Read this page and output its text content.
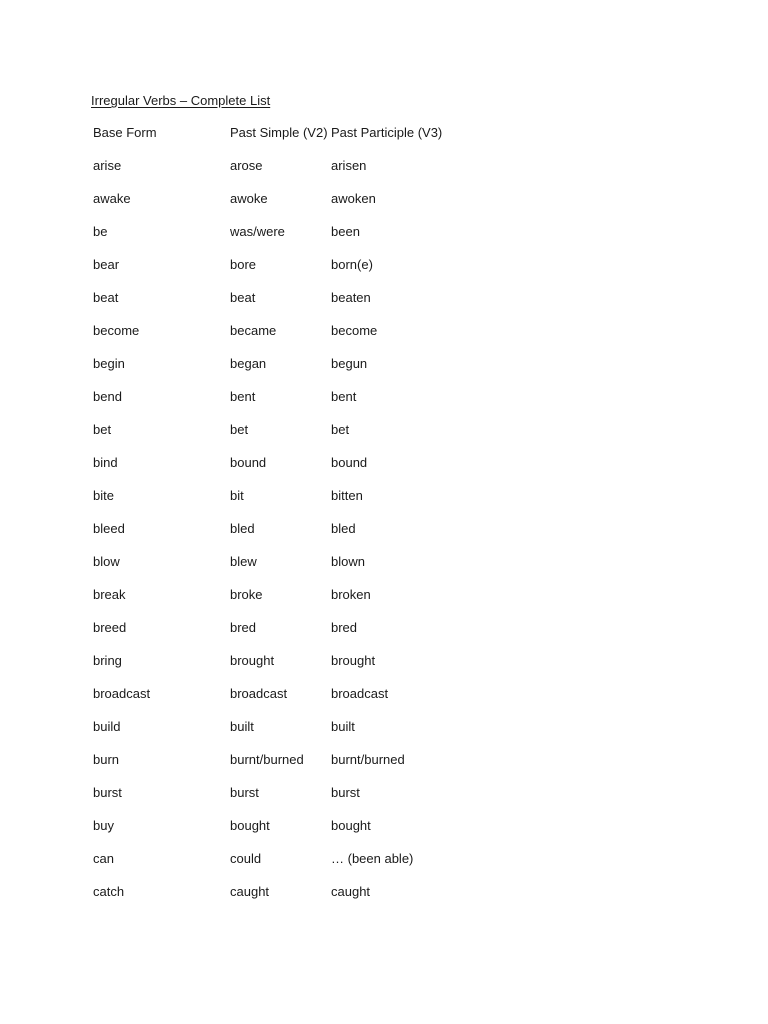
Irregular Verbs – Complete List
Base Form	Past Simple (V2)	Past Participle (V3)
arise	arose	arisen
awake	awoke	awoken
be	was/were	been
bear	bore	born(e)
beat	beat	beaten
become	became	become
begin	began	begun
bend	bent	bent
bet	bet	bet
bind	bound	bound
bite	bit	bitten
bleed	bled	bled
blow	blew	blown
break	broke	broken
breed	bred	bred
bring	brought	brought
broadcast	broadcast	broadcast
build	built	built
burn	burnt/burned	burnt/burned
burst	burst	burst
buy	bought	bought
can	could	… (been able)
catch	caught	caught
